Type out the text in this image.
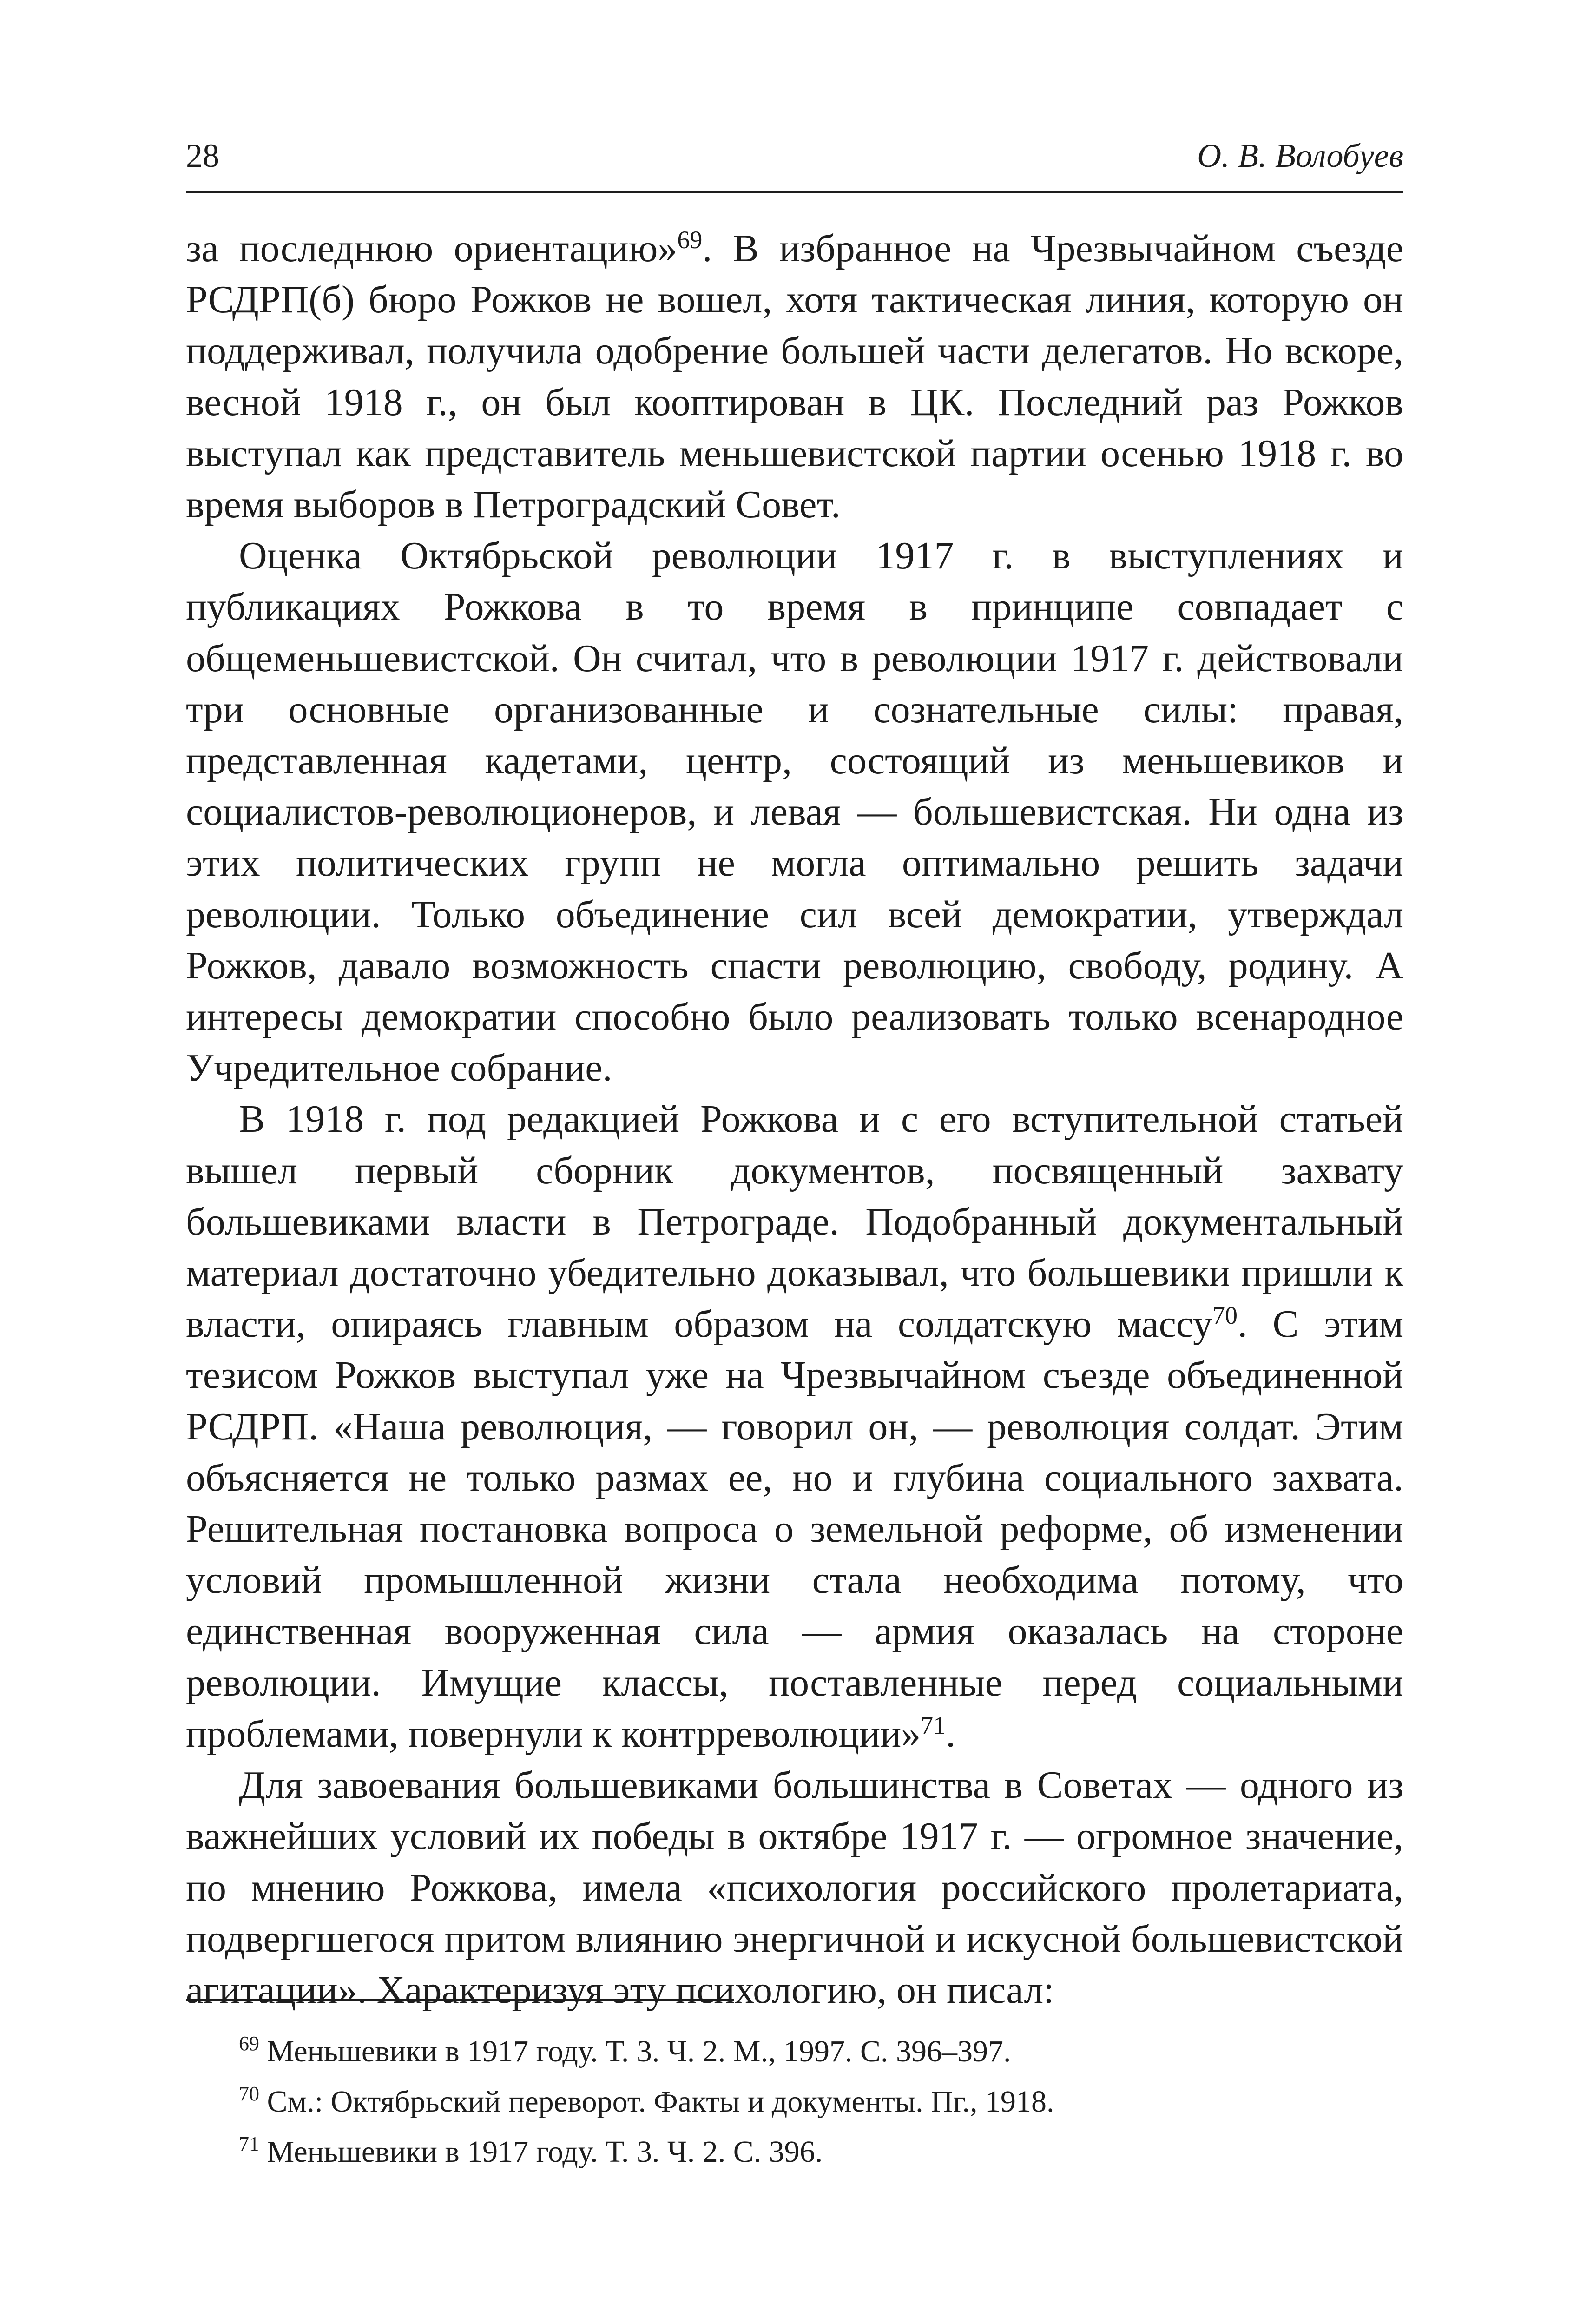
28	О. В. Волобуев

за последнюю ориентацию»$^{69}$. В избранное на Чрезвычайном съезде РСДРП(б) бюро Рожков не вошел, хотя тактическая линия, которую он поддерживал, получила одобрение большей части делегатов. Но вскоре, весной 1918 г., он был кооптирован в ЦК. Последний раз Рожков выступал как представитель меньшевистской партии осенью 1918 г. во время выборов в Петроградский Совет.

Оценка Октябрьской революции 1917 г. в выступлениях и публикациях Рожкова в то время в принципе совпадает с общеменьшевистской. Он считал, что в революции 1917 г. действовали три основные организованные и сознательные силы: правая, представленная кадетами, центр, состоящий из меньшевиков и социалистов-революционеров, и левая — большевистская. Ни одна из этих политических групп не могла оптимально решить задачи революции. Только объединение сил всей демократии, утверждал Рожков, давало возможность спасти революцию, свободу, родину. А интересы демократии способно было реализовать только всенародное Учредительное собрание.

В 1918 г. под редакцией Рожкова и с его вступительной статьей вышел первый сборник документов, посвященный захвату большевиками власти в Петрограде. Подобранный документальный материал достаточно убедительно доказывал, что большевики пришли к власти, опираясь главным образом на солдатскую массу$^{70}$. С этим тезисом Рожков выступал уже на Чрезвычайном съезде объединенной РСДРП. «Наша революция, — говорил он, — революция солдат. Этим объясняется не только размах ее, но и глубина социального захвата. Решительная постановка вопроса о земельной реформе, об изменении условий промышленной жизни стала необходима потому, что единственная вооруженная сила — армия оказалась на стороне революции. Имущие классы, поставленные перед социальными проблемами, повернули к контрреволюции»$^{71}$.

Для завоевания большевиками большинства в Советах — одного из важнейших условий их победы в октябре 1917 г. — огромное значение, по мнению Рожкова, имела «психология российского пролетариата, подвергшегося притом влиянию энергичной и искусной большевистской агитации». Характеризуя эту психологию, он писал:

$^{69}$ Меньшевики в 1917 году. Т. 3. Ч. 2. М., 1997. С. 396–397.

$^{70}$ См.: Октябрьский переворот. Факты и документы. Пг., 1918.

$^{71}$ Меньшевики в 1917 году. Т. 3. Ч. 2. С. 396.
